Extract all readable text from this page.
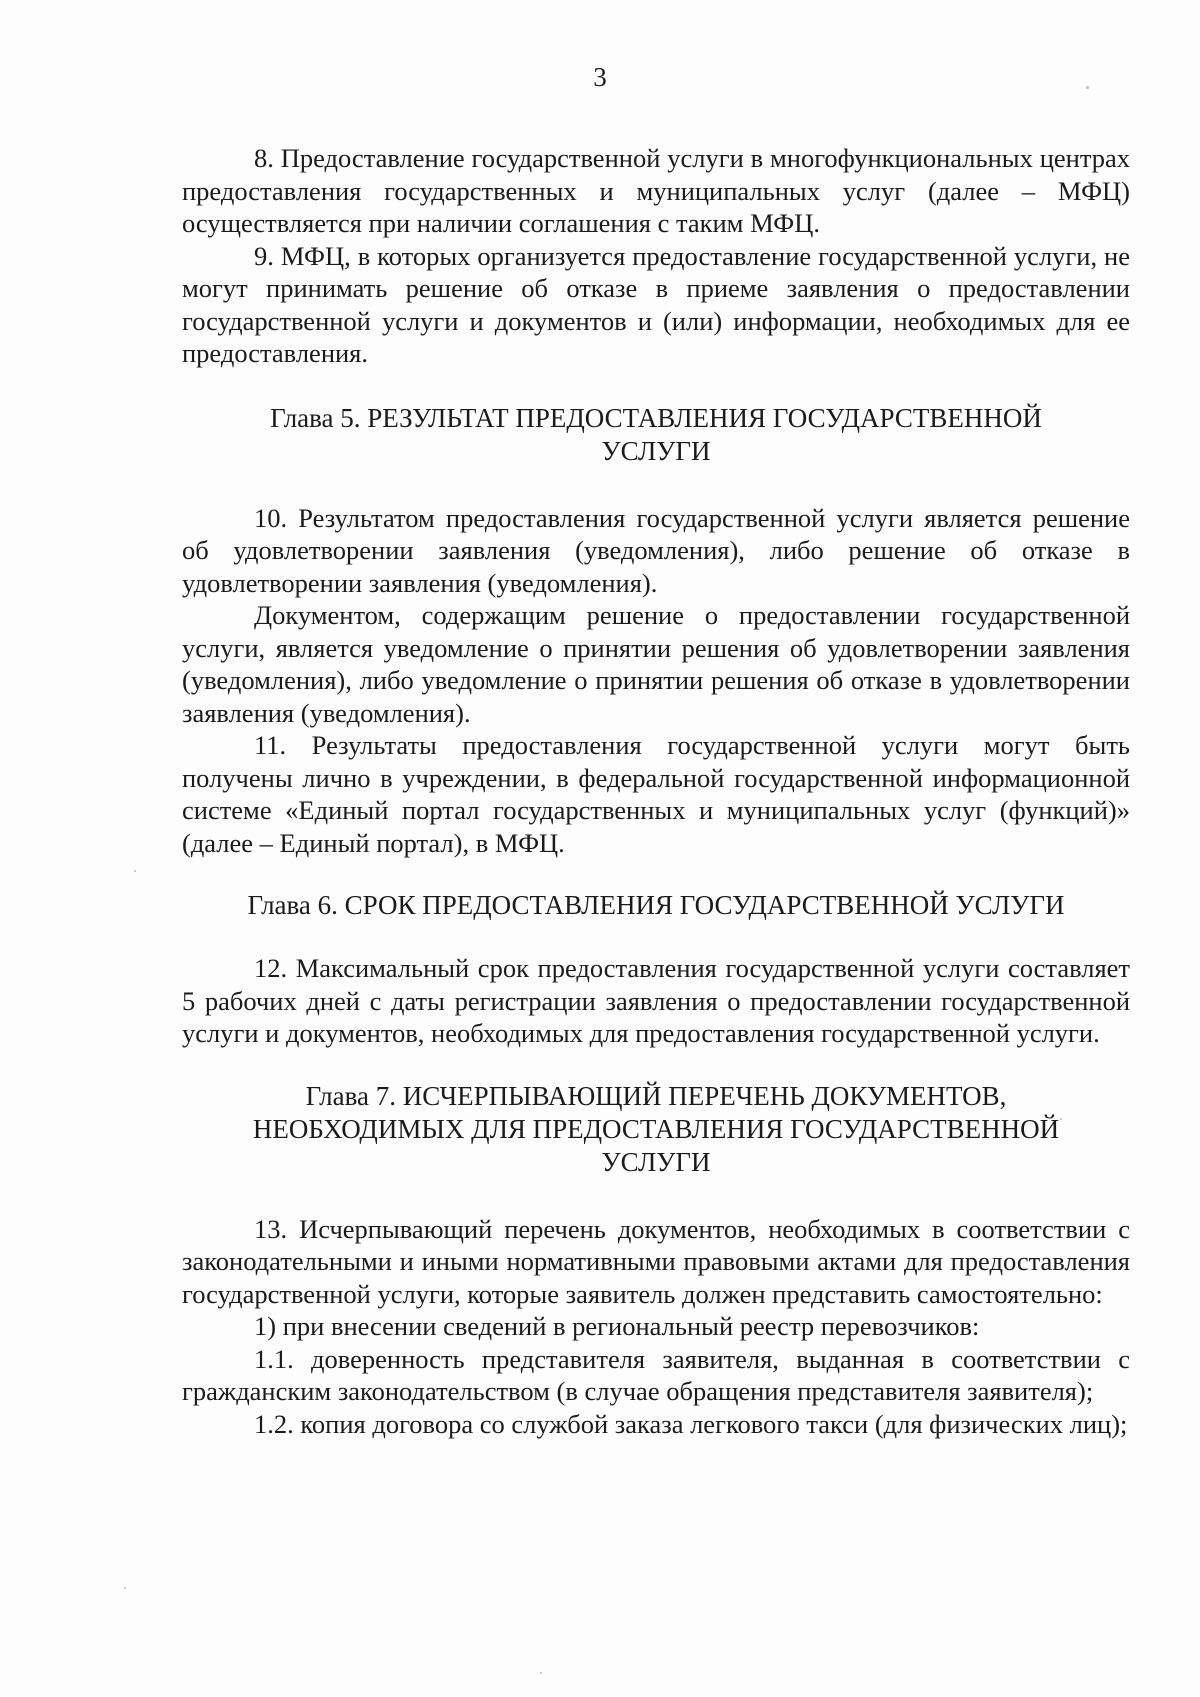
3

8. Предоставление государственной услуги в многофункциональных центрах предоставления государственных и муниципальных услуг (далее – МФЦ) осуществляется при наличии соглашения с таким МФЦ.

9. МФЦ, в которых организуется предоставление государственной услуги, не могут принимать решение об отказе в приеме заявления о предоставлении государственной услуги и документов и (или) информации, необходимых для ее предоставления.

Глава 5. РЕЗУЛЬТАТ ПРЕДОСТАВЛЕНИЯ ГОСУДАРСТВЕННОЙ
УСЛУГИ

10. Результатом предоставления государственной услуги является решение об удовлетворении заявления (уведомления), либо решение об отказе в удовлетворении заявления (уведомления).

Документом, содержащим решение о предоставлении государственной услуги, является уведомление о принятии решения об удовлетворении заявления (уведомления), либо уведомление о принятии решения об отказе в удовлетворении заявления (уведомления).

11. Результаты предоставления государственной услуги могут быть получены лично в учреждении, в федеральной государственной информационной системе «Единый портал государственных и муниципальных услуг (функций)» (далее – Единый портал), в МФЦ.

Глава 6. СРОК ПРЕДОСТАВЛЕНИЯ ГОСУДАРСТВЕННОЙ УСЛУГИ

12. Максимальный срок предоставления государственной услуги составляет 5 рабочих дней с даты регистрации заявления о предоставлении государственной услуги и документов, необходимых для предоставления государственной услуги.

Глава 7. ИСЧЕРПЫВАЮЩИЙ ПЕРЕЧЕНЬ ДОКУМЕНТОВ,
НЕОБХОДИМЫХ ДЛЯ ПРЕДОСТАВЛЕНИЯ ГОСУДАРСТВЕННОЙ
УСЛУГИ

13. Исчерпывающий перечень документов, необходимых в соответствии с законодательными и иными нормативными правовыми актами для предоставления государственной услуги, которые заявитель должен представить самостоятельно:

1) при внесении сведений в региональный реестр перевозчиков:

1.1. доверенность представителя заявителя, выданная в соответствии с гражданским законодательством (в случае обращения представителя заявителя);

1.2. копия договора со службой заказа легкового такси (для физических лиц);
